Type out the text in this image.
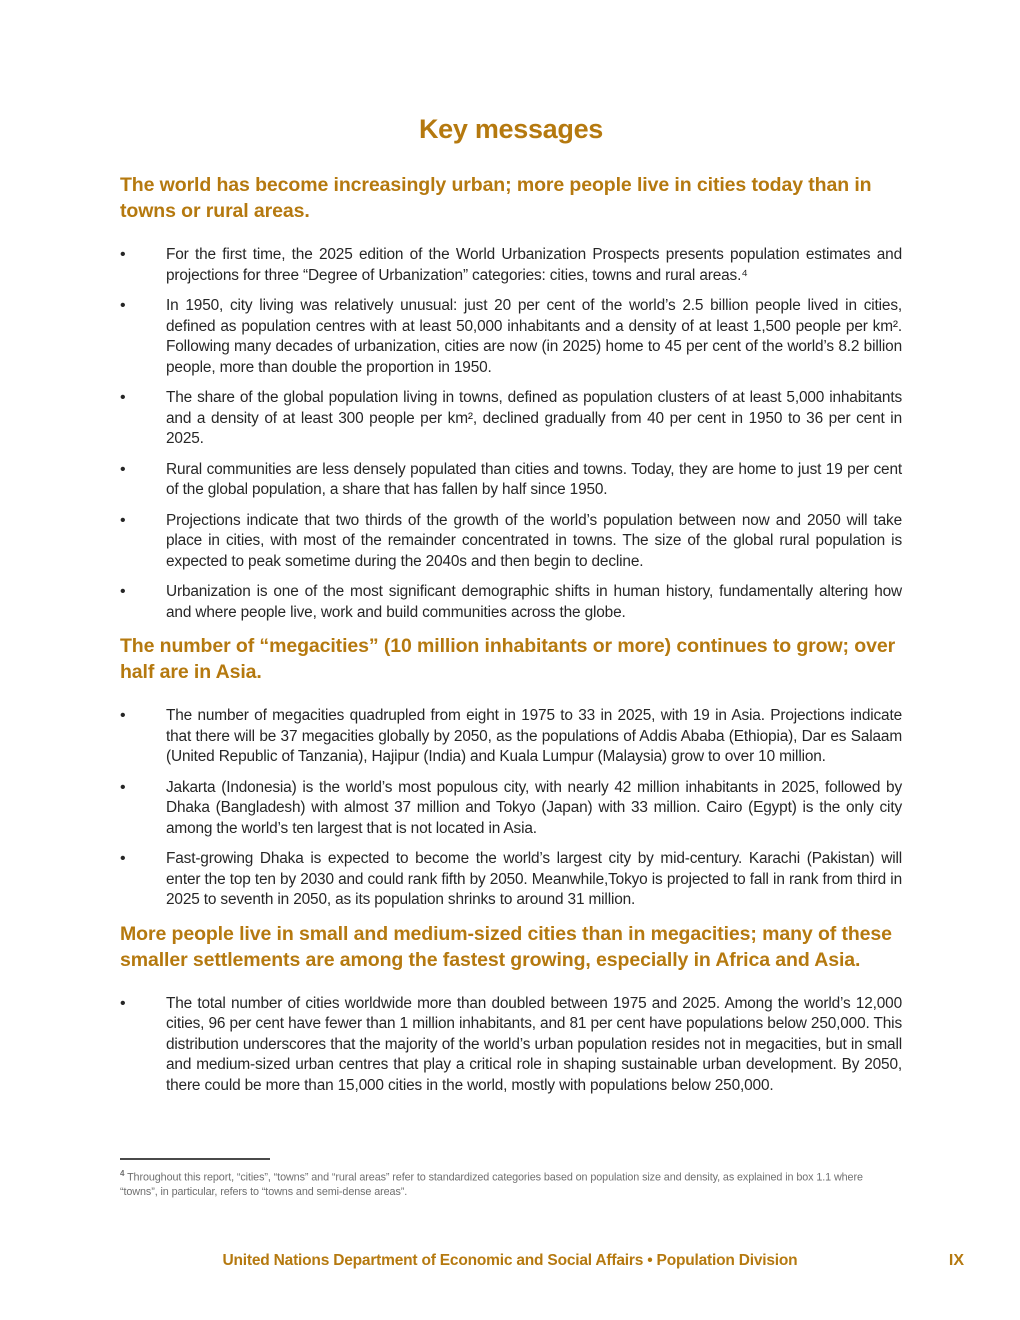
Key messages
The world has become increasingly urban; more people live in cities today than in towns or rural areas.
•
For the first time, the 2025 edition of the World Urbanization Prospects presents population estimates and projections for three “Degree of Urbanization” categories: cities, towns and rural areas.⁴
•
In 1950, city living was relatively unusual: just 20 per cent of the world’s 2.5 billion people lived in cities, defined as population centres with at least 50,000 inhabitants and a density of at least 1,500 people per km². Following many decades of urbanization, cities are now (in 2025) home to 45 per cent of the world’s 8.2 billion people, more than double the proportion in 1950.
•
The share of the global population living in towns, defined as population clusters of at least 5,000 inhabitants and a density of at least 300 people per km², declined gradually from 40 per cent in 1950 to 36 per cent in 2025.
•
Rural communities are less densely populated than cities and towns. Today, they are home to just 19 per cent of the global population, a share that has fallen by half since 1950.
•
Projections indicate that two thirds of the growth of the world’s population between now and 2050 will take place in cities, with most of the remainder concentrated in towns. The size of the global rural population is expected to peak sometime during the 2040s and then begin to decline.
•
Urbanization is one of the most significant demographic shifts in human history, fundamentally altering how and where people live, work and build communities across the globe.
The number of “megacities” (10 million inhabitants or more) continues to grow; over half are in Asia.
•
The number of megacities quadrupled from eight in 1975 to 33 in 2025, with 19 in Asia. Projections indicate that there will be 37 megacities globally by 2050, as the populations of Addis Ababa (Ethiopia), Dar es Salaam (United Republic of Tanzania), Hajipur (India) and Kuala Lumpur (Malaysia) grow to over 10 million.
•
Jakarta (Indonesia) is the world’s most populous city, with nearly 42 million inhabitants in 2025, followed by Dhaka (Bangladesh) with almost 37 million and Tokyo (Japan) with 33 million. Cairo (Egypt) is the only city among the world’s ten largest that is not located in Asia.
•
Fast-growing Dhaka is expected to become the world’s largest city by mid-century. Karachi (Pakistan) will enter the top ten by 2030 and could rank fifth by 2050. Meanwhile,Tokyo is projected to fall in rank from third in 2025 to seventh in 2050, as its population shrinks to around 31 million.
More people live in small and medium-sized cities than in megacities; many of these smaller settlements are among the fastest growing, especially in Africa and Asia.
•
The total number of cities worldwide more than doubled between 1975 and 2025. Among the world’s 12,000 cities, 96 per cent have fewer than 1 million inhabitants, and 81 per cent have populations below 250,000. This distribution underscores that the majority of the world’s urban population resides not in megacities, but in small and medium-sized urban centres that play a critical role in shaping sustainable urban development. By 2050, there could be more than 15,000 cities in the world, mostly with populations below 250,000.
$^4$ Throughout this report, “cities”, “towns” and “rural areas” refer to standardized categories based on population size and density, as explained in box 1.1 where “towns”, in particular, refers to “towns and semi-dense areas”.
United Nations Department of Economic and Social Affairs • Population Division	IX
